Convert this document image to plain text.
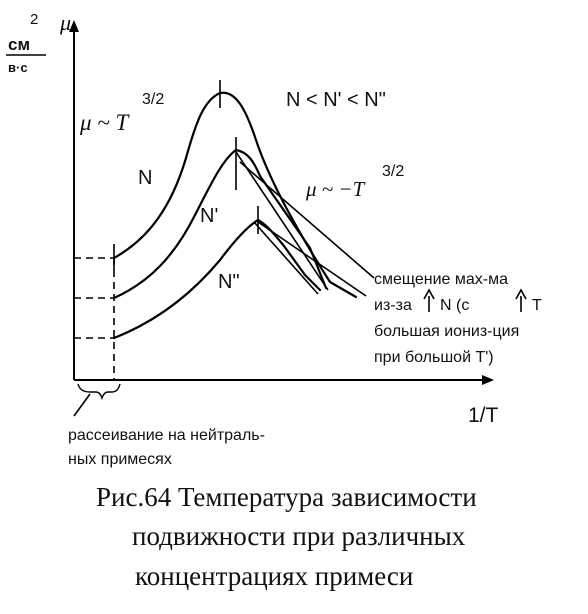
μ
2
см
в·с
1/T
N
N'
N"
μ ~ T
3/2
μ ~ −T
3/2
N < N' < N"
смещение мах-ма
из-за N (с	T
большая иониз-ция
при большой T')
рассеивание на нейтраль-
ных примесях
Рис.64 Температура зависимости
подвижности при различных
концентрациях примеси
